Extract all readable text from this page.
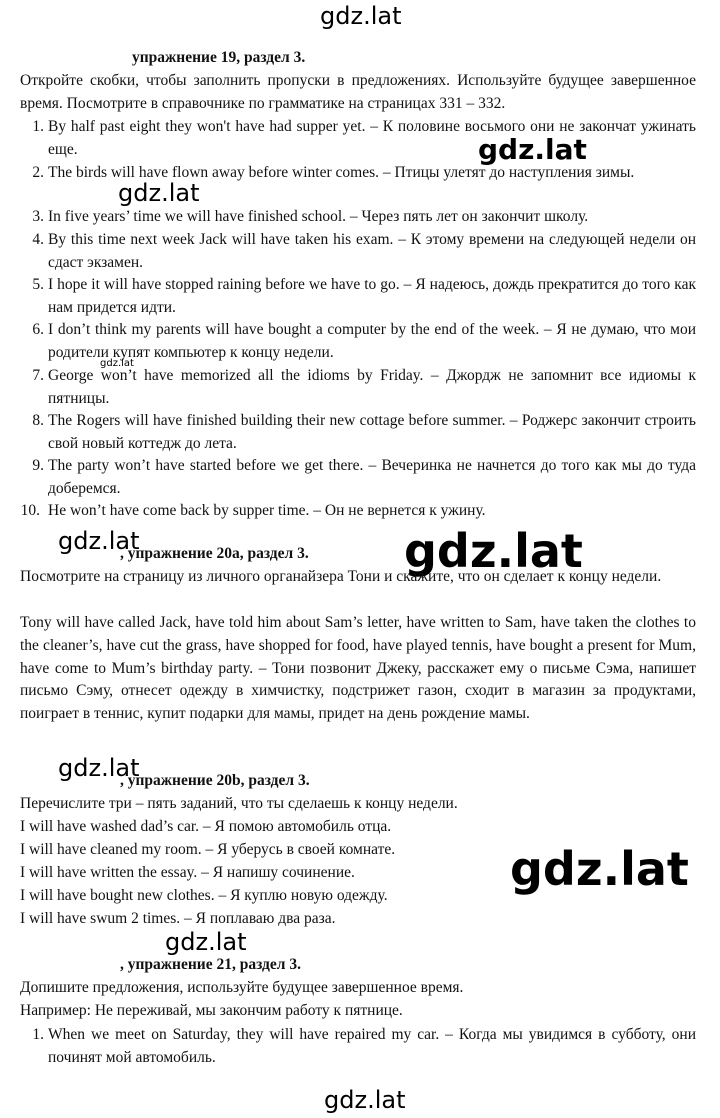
gdz.lat
gdz.lat
gdz.lat
gdz.lat
упражнение 19, раздел 3.
Откройте скобки, чтобы заполнить пропуски в предложениях. Используйте будущее завершенное время. Посмотрите в справочнике по грамматике на страницах 331 – 332.
1. By half past eight they won't have had supper yet. – К половине восьмого они не закончат ужинать еще.
2. The birds will have flown away before winter comes. – Птицы улетят до наступления зимы.
3. In five years’ time we will have finished school. – Через пять лет он закончит школу.
4. By this time next week Jack will have taken his exam. – К этому времени на следующей недели он сдаст экзамен.
5. I hope it will have stopped raining before we have to go. – Я надеюсь, дождь прекратится до того как нам придется идти.
6. I don’t think my parents will have bought a computer by the end of the week. – Я не думаю, что мои родители купят компьютер к концу недели.
7. George won’t have memorized all the idioms by Friday. – Джордж не запомнит все идиомы к пятницы.
8. The Rogers will have finished building their new cottage before summer. – Роджерс закончит строить свой новый коттедж до лета.
9. The party won’t have started before we get there. – Вечеринка не начнется до того как мы до туда доберемся.
10. He won’t have come back by supper time. – Он не вернется к ужину.
gdz.lat	gdz.lat
, упражнение 20a, раздел 3.
Посмотрите на страницу из личного органайзера Тони и скажите, что он сделает к концу недели.
Tony will have called Jack, have told him about Sam’s letter, have written to Sam, have taken the clothes to the cleaner’s, have cut the grass, have shopped for food, have played tennis, have bought a present for Mum, have come to Mum’s birthday party. – Тони позвонит Джеку, расскажет ему о письме Сэма, напишет письмо Сэму, отнесет одежду в химчистку, подстрижет газон, сходит в магазин за продуктами, поиграет в теннис, купит подарки для мамы, придет на день рождение мамы.
gdz.lat
, упражнение 20b, раздел 3.
Перечислите три – пять заданий, что ты сделаешь к концу недели.
I will have washed dad’s car. – Я помою автомобиль отца.
I will have cleaned my room. – Я уберусь в своей комнате.
I will have written the essay. – Я напишу сочинение.
I will have bought new clothes. – Я куплю новую одежду.
I will have swum 2 times. – Я поплаваю два раза.
gdz.lat
gdz.lat
, упражнение 21, раздел 3.
Допишите предложения, используйте будущее завершенное время.
Например: Не переживай, мы закончим работу к пятнице.
1. When we meet on Saturday, they will have repaired my car. – Когда мы увидимся в субботу, они починят мой автомобиль.
gdz.lat
